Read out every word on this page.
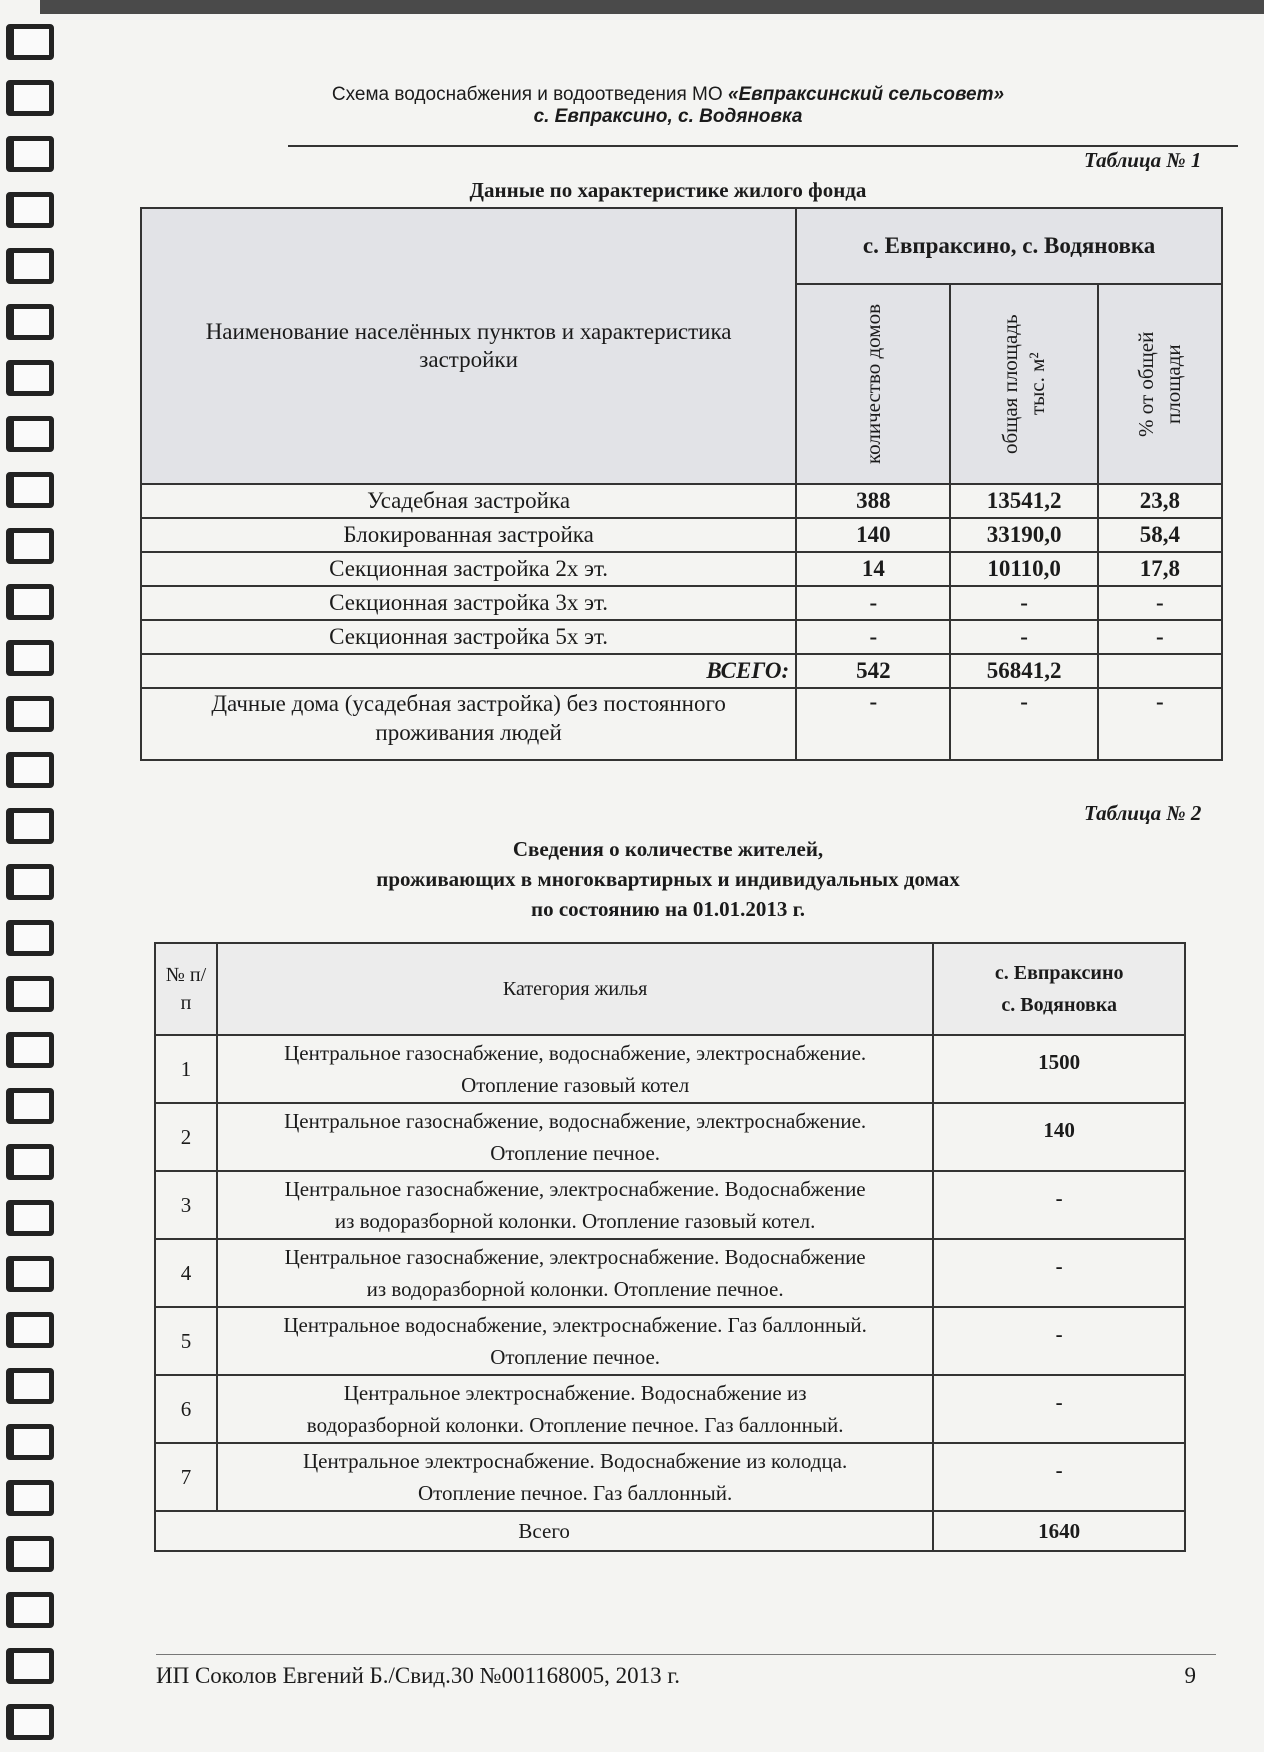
Схема водоснабжения и водоотведения МО «Евпраксинский сельсовет»
с. Евпраксино, с. Водяновка
Таблица № 1
Данные по характеристике жилого фонда
Наименование населённых пунктов и характеристика застройки	с. Евпраксино, с. Водяновка		

	количество домов	общая площадь тыс. м²	% от общей площади

Усадебная застройка	388	13541,2	23,8
Блокированная застройка	140	33190,0	58,4
Секционная застройка 2х эт.	14	10110,0	17,8
Секционная застройка 3х эт.	-	-	-
Секционная застройка 5х эт.	-	-	-
ВСЕГО:	542	56841,2	
Дачные дома (усадебная застройка) без постоянного проживания людей	-	-	-
Таблица № 2
Сведения о количестве жителей,
проживающих в многоквартирных и индивидуальных домах
по состоянию на 01.01.2013 г.
№ п/п	Категория жилья	с. Евпраксино
с. Водяновка

1	Центральное газоснабжение, водоснабжение, электроснабжение.
Отопление газовый котел	1500
2	Центральное газоснабжение, водоснабжение, электроснабжение.
Отопление печное.	140
3	Центральное газоснабжение, электроснабжение. Водоснабжение
из водоразборной колонки. Отопление газовый котел.	-
4	Центральное газоснабжение, электроснабжение. Водоснабжение
из водоразборной колонки. Отопление печное.	-
5	Центральное водоснабжение, электроснабжение. Газ баллонный.
Отопление печное.	-
6	Центральное электроснабжение. Водоснабжение из
водоразборной колонки. Отопление печное. Газ баллонный.	-
7	Центральное электроснабжение. Водоснабжение из колодца.
Отопление печное. Газ баллонный.	-
Всего		1640
ИП Соколов Евгений Б./Свид.30 №001168005, 2013 г.	9
